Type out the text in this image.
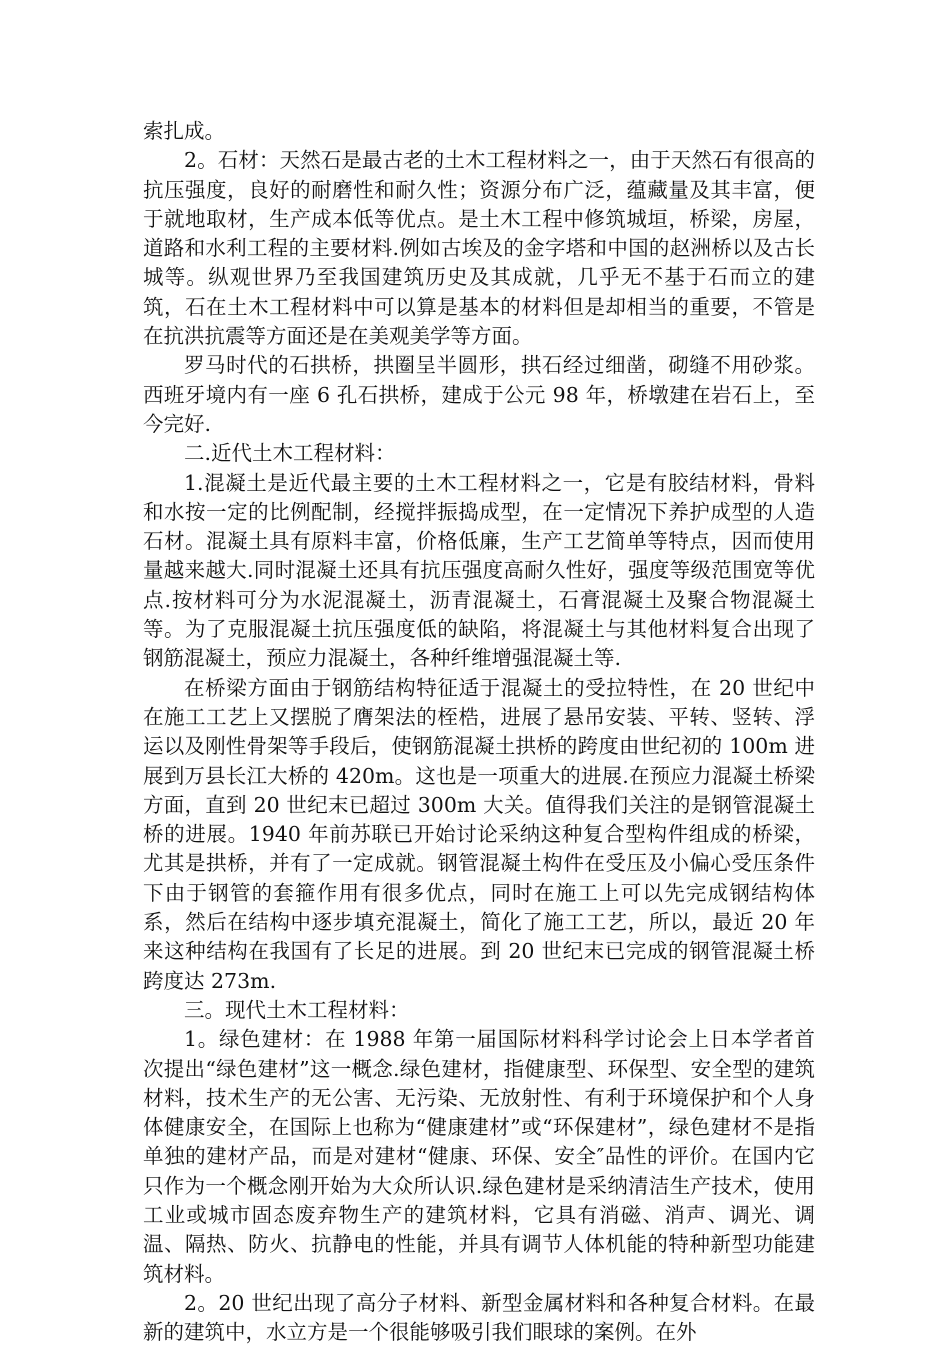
索扎成。

2。石材：天然石是最古老的土木工程材料之一，由于天然石有很高的抗压强度，良好的耐磨性和耐久性；资源分布广泛，蕴藏量及其丰富，便于就地取材，生产成本低等优点。是土木工程中修筑城垣，桥梁，房屋，道路和水利工程的主要材料.例如古埃及的金字塔和中国的赵洲桥以及古长城等。纵观世界乃至我国建筑历史及其成就，几乎无不基于石而立的建筑，石在土木工程材料中可以算是基本的材料但是却相当的重要，不管是在抗洪抗震等方面还是在美观美学等方面。

罗马时代的石拱桥，拱圈呈半圆形，拱石经过细凿，砌缝不用砂浆。西班牙境内有一座 6 孔石拱桥，建成于公元 98 年，桥墩建在岩石上，至今完好.

二.近代土木工程材料：

1.混凝土是近代最主要的土木工程材料之一，它是有胶结材料，骨料和水按一定的比例配制，经搅拌振捣成型，在一定情况下养护成型的人造石材。混凝土具有原料丰富，价格低廉，生产工艺简单等特点，因而使用量越来越大.同时混凝土还具有抗压强度高耐久性好，强度等级范围宽等优点.按材料可分为水泥混凝土，沥青混凝土，石膏混凝土及聚合物混凝土等。为了克服混凝土抗压强度低的缺陷，将混凝土与其他材料复合出现了钢筋混凝土，预应力混凝土，各种纤维增强混凝土等.

在桥梁方面由于钢筋结构特征适于混凝土的受拉特性，在 20 世纪中在施工工艺上又摆脱了膺架法的桎梏，进展了悬吊安装、平转、竖转、浮运以及刚性骨架等手段后，使钢筋混凝土拱桥的跨度由世纪初的 100m 进展到万县长江大桥的 420m。这也是一项重大的进展.在预应力混凝土桥梁方面，直到 20 世纪末已超过 300m 大关。值得我们关注的是钢管混凝土桥的进展。1940 年前苏联已开始讨论采纳这种复合型构件组成的桥梁，尤其是拱桥，并有了一定成就。钢管混凝土构件在受压及小偏心受压条件下由于钢管的套箍作用有很多优点，同时在施工上可以先完成钢结构体系，然后在结构中逐步填充混凝土，简化了施工工艺，所以，最近 20 年来这种结构在我国有了长足的进展。到 20 世纪末已完成的钢管混凝土桥跨度达 273m.

三。现代土木工程材料：

1。绿色建材：在 1988 年第一届国际材料科学讨论会上日本学者首次提出“绿色建材”这一概念.绿色建材，指健康型、环保型、安全型的建筑材料，技术生产的无公害、无污染、无放射性、有利于环境保护和个人身体健康安全，在国际上也称为“健康建材”或“环保建材”，绿色建材不是指单独的建材产品，而是对建材“健康、环保、安全″品性的评价。在国内它只作为一个概念刚开始为大众所认识.绿色建材是采纳清洁生产技术，使用工业或城市固态废弃物生产的建筑材料，它具有消磁、消声、调光、调温、隔热、防火、抗静电的性能，并具有调节人体机能的特种新型功能建筑材料。

2。20 世纪出现了高分子材料、新型金属材料和各种复合材料。在最新的建筑中，水立方是一个很能够吸引我们眼球的案例。在外
